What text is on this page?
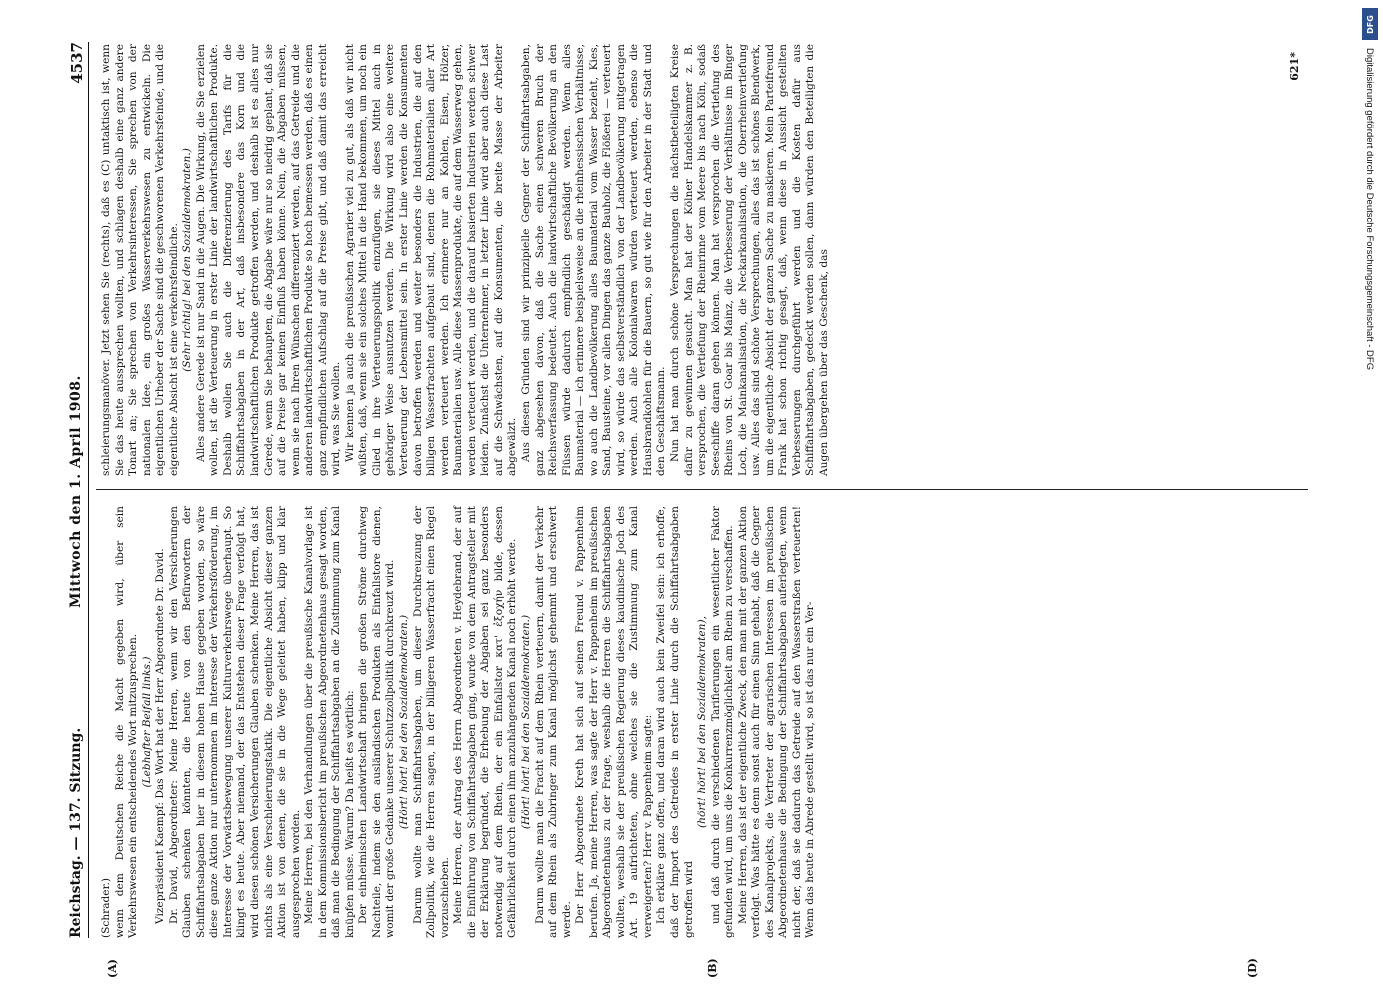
Reichstag. — 137. Sitzung.
Mittwoch den 1. April 1908.
4537

(Schrader.) wenn dem Deutschen Reiche die Macht gegeben wird, über sein Verkehrswesen ein entscheidendes Wort mitzusprechen. (Lebhafter Beifall links.) Vizepräsident Kaempf: Das Wort hat der Herr Abgeordnete Dr. David. Dr. David, Abgeordneter: Meine Herren, wenn wir den Versicherungen Glauben schenken könnten, die heute von den Befürwortern der Schiffahrtsabgaben hier in diesem hohen Hause gegeben worden, so wäre diese ganze Aktion nur unternommen im Interesse der Verkehrsförderung, im Interesse der Vorwärtsbewegung unserer Kulturverkehrswege überhaupt. So klingt es heute. Aber niemand, der das Entstehen dieser Frage verfolgt hat, wird diesen schönen Versicherungen Glauben schenken. Meine Herren, das ist nichts als eine Verschleierungstaktik. Die eigentliche Absicht dieser ganzen Aktion ist von denen, die sie in die Wege geleitet haben, klipp und klar ausgesprochen worden. Meine Herren, bei den Verhandlungen über die preußische Kanalvorlage ist in dem Kommissionsbericht im preußischen Abgeordnetenhaus gesagt worden, daß man die Bedingung der Schiffahrtsabgaben an die Zustimmung zum Kanal knüpfen müsse. Warum? Da heißt es wörtlich: Der einheimischen Landwirtschaft bringen die großen Ströme durchweg Nachteile, indem sie den ausländischen Produkten als Einfallstore dienen, womit der große Gedanke unserer Schutzzollpolitik durchkreuzt wird. (Hört! hört! bei den Sozialdemokraten.) Darum wollte man Schiffahrtsabgaben, um dieser Durchkreuzung der Zollpolitik, wie die Herren sagen, in der billigeren Wasserfracht einen Riegel vorzuschieben. Meine Herren, der Antrag des Herrn Abgeordneten v. Heydebrand, der auf die Einführung von Schiffahrtsabgaben ging, wurde von dem Antragsteller mit der Erklärung begründet, die Erhebung der Abgaben sei ganz besonders notwendig auf dem Rhein, der ein Einfallstor κατ' ἐξοχήν bilde, dessen Gefährlichkeit durch einen ihm anzuhängenden Kanal noch erhöht werde. (Hört! hört! bei den Sozialdemokraten.) Darum wollte man die Fracht auf dem Rhein verteuern, damit der Verkehr auf dem Rhein als Zubringer zum Kanal möglichst gehemmt und erschwert werde. Der Herr Abgeordnete Kreth hat sich auf seinen Freund v. Pappenheim berufen. Ja, meine Herren, was sagte der Herr v. Pappenheim im preußischen Abgeordnetenhaus zu der Frage, weshalb die Herren die Schiffahrtsabgaben wollten, weshalb sie der preußischen Regierung dieses kaudinische Joch des Art. 19 aufrichteten, ohne welches sie die Zustimmung zum Kanal verweigerten? Herr v. Pappenheim sagte: Ich erkläre ganz offen, und daran wird auch kein Zweifel sein: ich erhoffe, daß der Import des Getreides in erster Linie durch die Schiffahrtsabgaben getroffen wird

(hört! hört! bei den Sozialdemokraten), und daß durch die verschiedenen Tarifierungen ein wesentlicher Faktor gefunden wird, um uns die Konkurrenzmöglichkeit am Rhein zu verschaffen. Meine Herren, das ist der eigentliche Zweck, den man mit der ganzen Aktion verfolgt. Was hätte es denn sonst auch für einen Sinn gehabt, daß die Gegner des Kanalprojekts, die Vertreter der agrarischen Interessen im preußischen Abgeordnetenhause die Bedingung der Schiffahrtsabgaben auferlegten, wenn nicht der, daß sie dadurch das Getreide auf den Wasserstraßen verteuerten! Wenn das heute in Abrede gestellt wird, so ist das nur ein Ver-

schleierungsmanöver. Jetzt sehen Sie (rechts), daß es (C) untaktisch ist, wenn Sie das heute aussprechen wollten, und schlagen deshalb eine ganz andere Tonart an; Sie sprechen von Verkehrsinteressen, Sie sprechen von der nationalen Idee, ein großes Wasserverkehrswesen zu entwickeln. Die eigentlichen Urheber der Sache sind die geschworenen Verkehrsfeinde, und die eigentliche Absicht ist eine verkehrsfeindliche. (Sehr richtig! bei den Sozialdemokraten.) Alles andere Gerede ist nur Sand in die Augen. Die Wirkung, die Sie erzielen wollen, ist die Verteuerung in erster Linie der landwirtschaftlichen Produkte. Deshalb wollen Sie auch die Differenzierung des Tarifs für die Schiffahrtsabgaben in der Art, daß insbesondere das Korn und die landwirtschaftlichen Produkte getroffen werden, und deshalb ist es alles nur Gerede, wenn Sie behaupten, die Abgabe wäre nur so niedrig geplant, daß sie auf die Preise gar keinen Einfluß haben könne. Nein, die Abgaben müssen, wenn sie nach Ihren Wünschen differenziert werden, auf das Getreide und die anderen landwirtschaftlichen Produkte so hoch bemessen werden, daß es einen ganz empfindlichen Aufschlag auf die Preise gibt, und daß damit das erreicht wird, was Sie wollen. Wir kennen ja auch die preußischen Agrarier viel zu gut, als daß wir nicht wüßten, daß, wenn sie ein solches Mittel in die Hand bekommen, um noch ein Glied in ihre Verteuerungspolitik einzufügen, sie dieses Mittel auch in gehöriger Weise ausnutzen werden. Die Wirkung wird also eine weitere Verteuerung der Lebensmittel sein. In erster Linie werden die Konsumenten davon betroffen werden und weiter besonders die Industrien, die auf den billigen Wasserfrachten aufgebaut sind, denen die Rohmaterialien aller Art werden verteuert werden. Ich erinnere nur an Kohlen, Eisen, Hölzer, Baumaterialien usw. Alle diese Massenprodukte, die auf dem Wasserweg gehen, werden verteuert werden, und die darauf basierten Industrien werden schwer leiden. Zunächst die Unternehmer, in letzter Linie wird aber auch diese Last auf die Schwächsten, auf die Konsumenten, die breite Masse der Arbeiter abgewälzt. Aus diesen Gründen sind wir prinzipielle Gegner der Schiffahrtsabgaben, ganz abgesehen davon, daß die Sache einen schweren Bruch der Reichsverfassung bedeutet. Auch die landwirtschaftliche Bevölkerung an den Flüssen würde dadurch empfindlich geschädigt werden. Wenn alles Baumaterial — ich erinnere beispielsweise an die rheinhessischen Verhältnisse, wo auch die Landbevölkerung alles Baumaterial vom Wasser bezieht, Kies, Sand, Bausteine, vor allen Dingen das ganze Bauholz, die Flößerei — verteuert wird, so würde das selbstverständlich von der Landbevölkerung mitgetragen werden. Auch alle Kolonialwaren würden verteuert werden, ebenso die Hausbrandkohlen für die Bauern, so gut wie für den Arbeiter in der Stadt und den Geschäftsmann. Nun hat man durch schöne Versprechungen die nächstbeteiligten Kreise dafür zu gewinnen gesucht. Man hat der Kölner Handelskammer z. B. versprochen, die Vertiefung der Rheinrinne vom Meere bis nach Köln, sodaß Seeschiffe daran gehen können. Man hat versprochen die Vertiefung des Rheins von St. Goar bis Mainz, die Verbesserung der Verhältnisse im Binger Loch, die Mainkanalisation, die Neckarkanalisation, die Oberrheinvertiefung usw. Alles das sind schöne Versprechungen, alles das ist schönes Blendwerk, um die eigentliche Absicht der ganzen Sache zu maskieren. Mein Parteifreund Frank hat schon richtig gesagt, daß, wenn diese in Aussicht gestellten Verbesserungen durchgeführt werden und die Kosten dafür aus Schiffahrtsabgaben, gedeckt werden sollen, dann würden den Beteiligten die Augen übergehen über das Geschenk, das

(A)	(B)	(D)
621*
DFG
Digitalisierung gefördert durch die Deutsche Forschungsgemeinschaft - DFG
